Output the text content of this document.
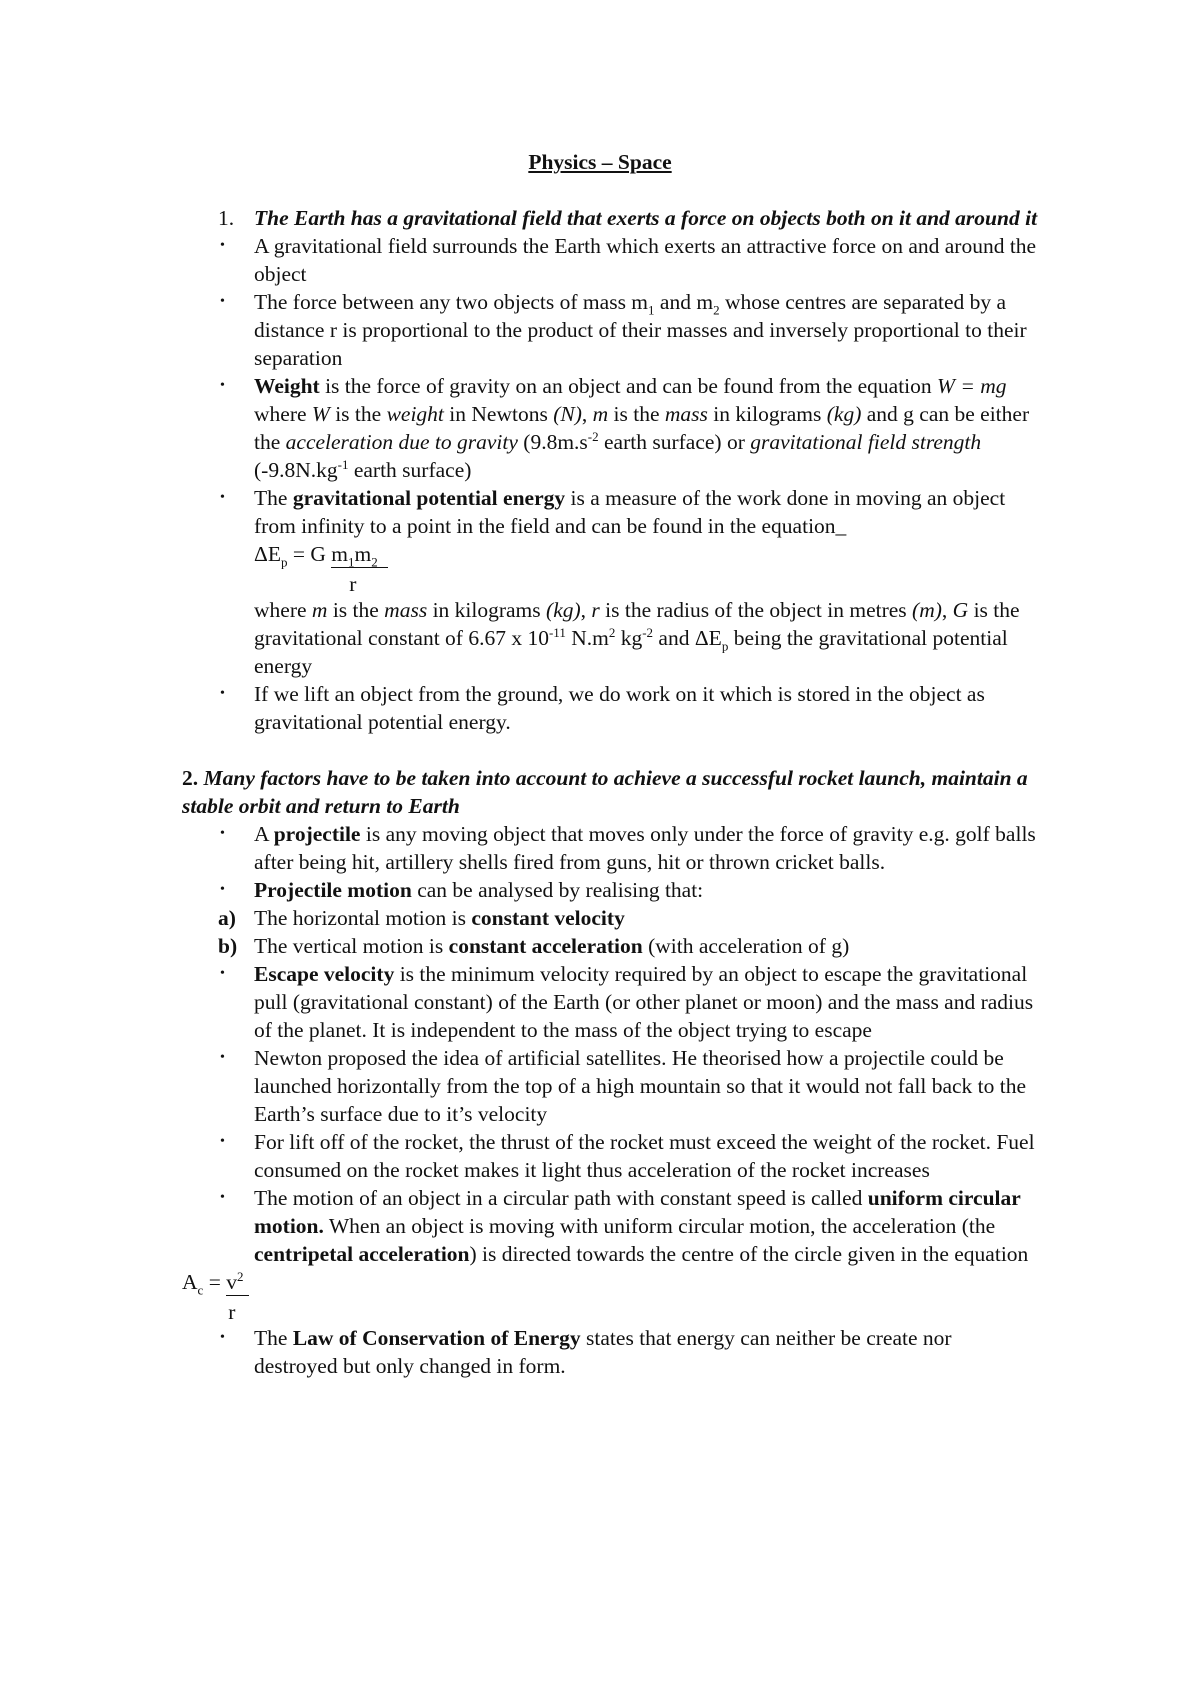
Physics – Space
1. The Earth has a gravitational field that exerts a force on objects both on it and around it
•	A gravitational field surrounds the Earth which exerts an attractive force on and around the object
•	The force between any two objects of mass $m_1$ and $m_2$ whose centres are separated by a distance r is proportional to the product of their masses and inversely proportional to their separation
•	Weight is the force of gravity on an object and can be found from the equation W = mg where W is the weight in Newtons (N), m is the mass in kilograms (kg) and g can be either the acceleration due to gravity ($9.8m.s^{-2}$ earth surface) or gravitational field strength ($-9.8N.kg^{-1}$ earth surface)
•	The gravitational potential energy is a measure of the work done in moving an object from infinity to a point in the field and can be found in the equation_
$\Delta E_p = G$ $m_1m_2$
r
where m is the mass in kilograms (kg), r is the radius of the object in metres (m), G is the gravitational constant of 6.67 x $10^{-11}$ $N.m^2$ $kg^{-2}$ and $\Delta E_p$ being the gravitational potential energy
•	If we lift an object from the ground, we do work on it which is stored in the object as gravitational potential energy.
2. Many factors have to be taken into account to achieve a successful rocket launch, maintain a stable orbit and return to Earth
•	A projectile is any moving object that moves only under the force of gravity e.g. golf balls after being hit, artillery shells fired from guns, hit or thrown cricket balls.
•	Projectile motion can be analysed by realising that:
a) The horizontal motion is constant velocity
b) The vertical motion is constant acceleration (with acceleration of g)
•	Escape velocity is the minimum velocity required by an object to escape the gravitational pull (gravitational constant) of the Earth (or other planet or moon) and the mass and radius of the planet. It is independent to the mass of the object trying to escape
•	Newton proposed the idea of artificial satellites. He theorised how a projectile could be launched horizontally from the top of a high mountain so that it would not fall back to the Earth’s surface due to it’s velocity
•	For lift off of the rocket, the thrust of the rocket must exceed the weight of the rocket. Fuel consumed on the rocket makes it light thus acceleration of the rocket increases
•	The motion of an object in a circular path with constant speed is called uniform circular motion. When an object is moving with uniform circular motion, the acceleration (the centripetal acceleration) is directed towards the centre of the circle given in the equation
$A_c = v^2$
r
•	The Law of Conservation of Energy states that energy can neither be create nor destroyed but only changed in form.
